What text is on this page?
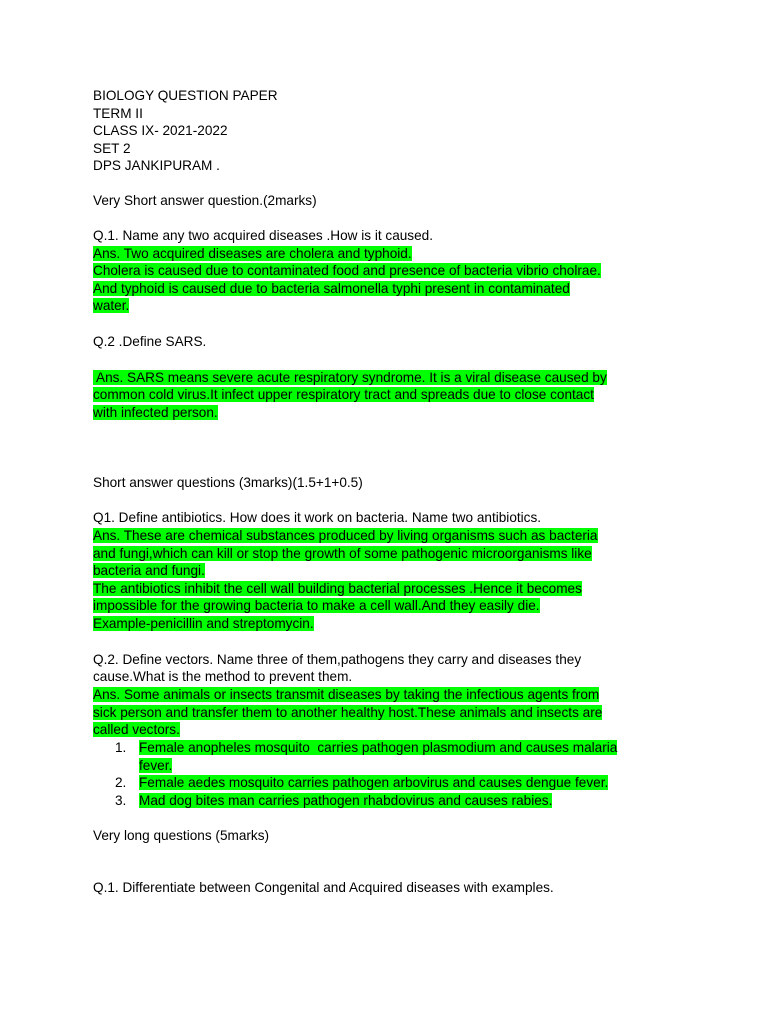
BIOLOGY QUESTION PAPER
TERM II
CLASS IX- 2021-2022
SET 2
DPS JANKIPURAM .
Very Short answer question.(2marks)
Q.1. Name any two acquired diseases .How is it caused.
Ans. Two acquired diseases are cholera and typhoid.
Cholera is caused due to contaminated food and presence of bacteria vibrio cholrae.
And typhoid is caused due to bacteria salmonella typhi present in contaminated
water.
Q.2 .Define SARS.
Ans. SARS means severe acute respiratory syndrome. It is a viral disease caused by
common cold virus.It infect upper respiratory tract and spreads due to close contact
with infected person.
Short answer questions (3marks)(1.5+1+0.5)
Q1. Define antibiotics. How does it work on bacteria. Name two antibiotics.
Ans. These are chemical substances produced by living organisms such as bacteria
and fungi,which can kill or stop the growth of some pathogenic microorganisms like
bacteria and fungi.
The antibiotics inhibit the cell wall building bacterial processes .Hence it becomes
impossible for the growing bacteria to make a cell wall.And they easily die.
Example-penicillin and streptomycin.
Q.2. Define vectors. Name three of them,pathogens they carry and diseases they
cause.What is the method to prevent them.
Ans. Some animals or insects transmit diseases by taking the infectious agents from
sick person and transfer them to another healthy host.These animals and insects are
called vectors.
1. Female anopheles mosquito  carries pathogen plasmodium and causes malaria
fever.
2. Female aedes mosquito carries pathogen arbovirus and causes dengue fever.
3. Mad dog bites man carries pathogen rhabdovirus and causes rabies.
Very long questions (5marks)
Q.1. Differentiate between Congenital and Acquired diseases with examples.
